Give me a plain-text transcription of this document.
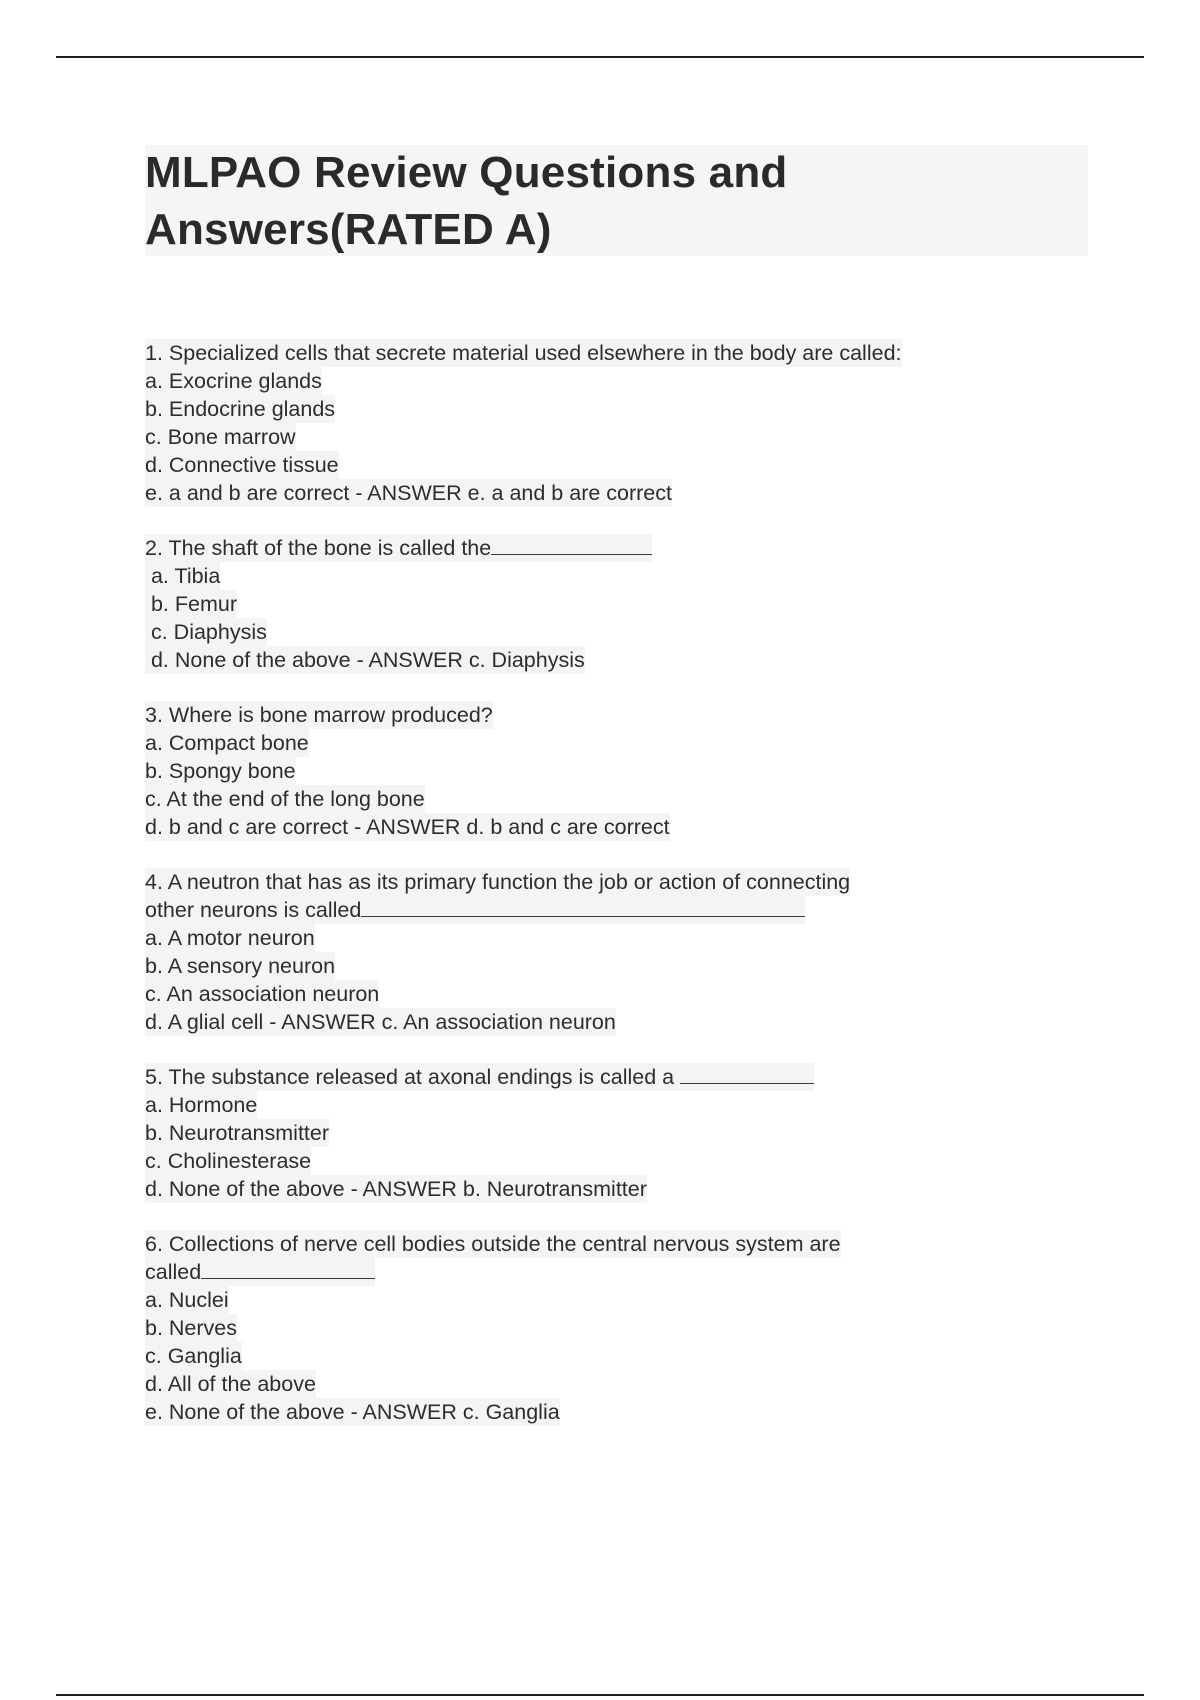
MLPAO Review Questions and
Answers(RATED A)
1. Specialized cells that secrete material used elsewhere in the body are called:
a. Exocrine glands
b. Endocrine glands
c. Bone marrow
d. Connective tissue
e. a and b are correct - ANSWER e. a and b are correct
2. The shaft of the bone is called the
a. Tibia
b. Femur
c. Diaphysis
d. None of the above - ANSWER c. Diaphysis
3. Where is bone marrow produced?
a. Compact bone
b. Spongy bone
c. At the end of the long bone
d. b and c are correct - ANSWER d. b and c are correct
4. A neutron that has as its primary function the job or action of connecting
other neurons is called
a. A motor neuron
b. A sensory neuron
c. An association neuron
d. A glial cell - ANSWER c. An association neuron
5. The substance released at axonal endings is called a
a. Hormone
b. Neurotransmitter
c. Cholinesterase
d. None of the above - ANSWER b. Neurotransmitter
6. Collections of nerve cell bodies outside the central nervous system are
called
a. Nuclei
b. Nerves
c. Ganglia
d. All of the above
e. None of the above - ANSWER c. Ganglia
